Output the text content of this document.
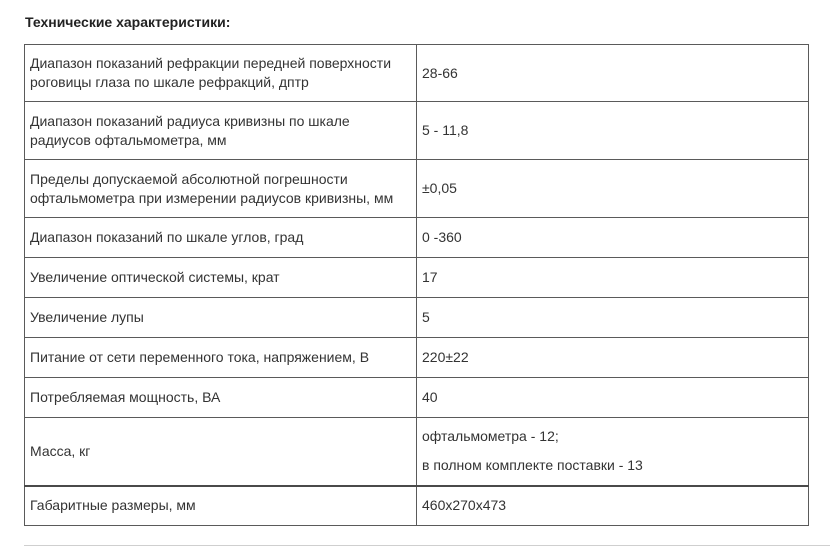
Технические характеристики:
Диапазон показаний рефракции передней поверхности
роговицы глаза по шкале рефракций, дптр	28-66

Диапазон показаний радиуса кривизны по шкале
радиусов офтальмометра, мм	5 - 11,8

Пределы допускаемой абсолютной погрешности
офтальмометра при измерении радиусов кривизны, мм	±0,05

Диапазон показаний по шкале углов, град	0 -360

Увеличение оптической системы, крат	17

Увеличение лупы	5

Питание от сети переменного тока, напряжением, В	220±22

Потребляемая мощность, ВА	40

Масса, кг	офтальмометра - 12;
в полном комплекте поставки - 13

Габаритные размеры, мм	460x270x473
